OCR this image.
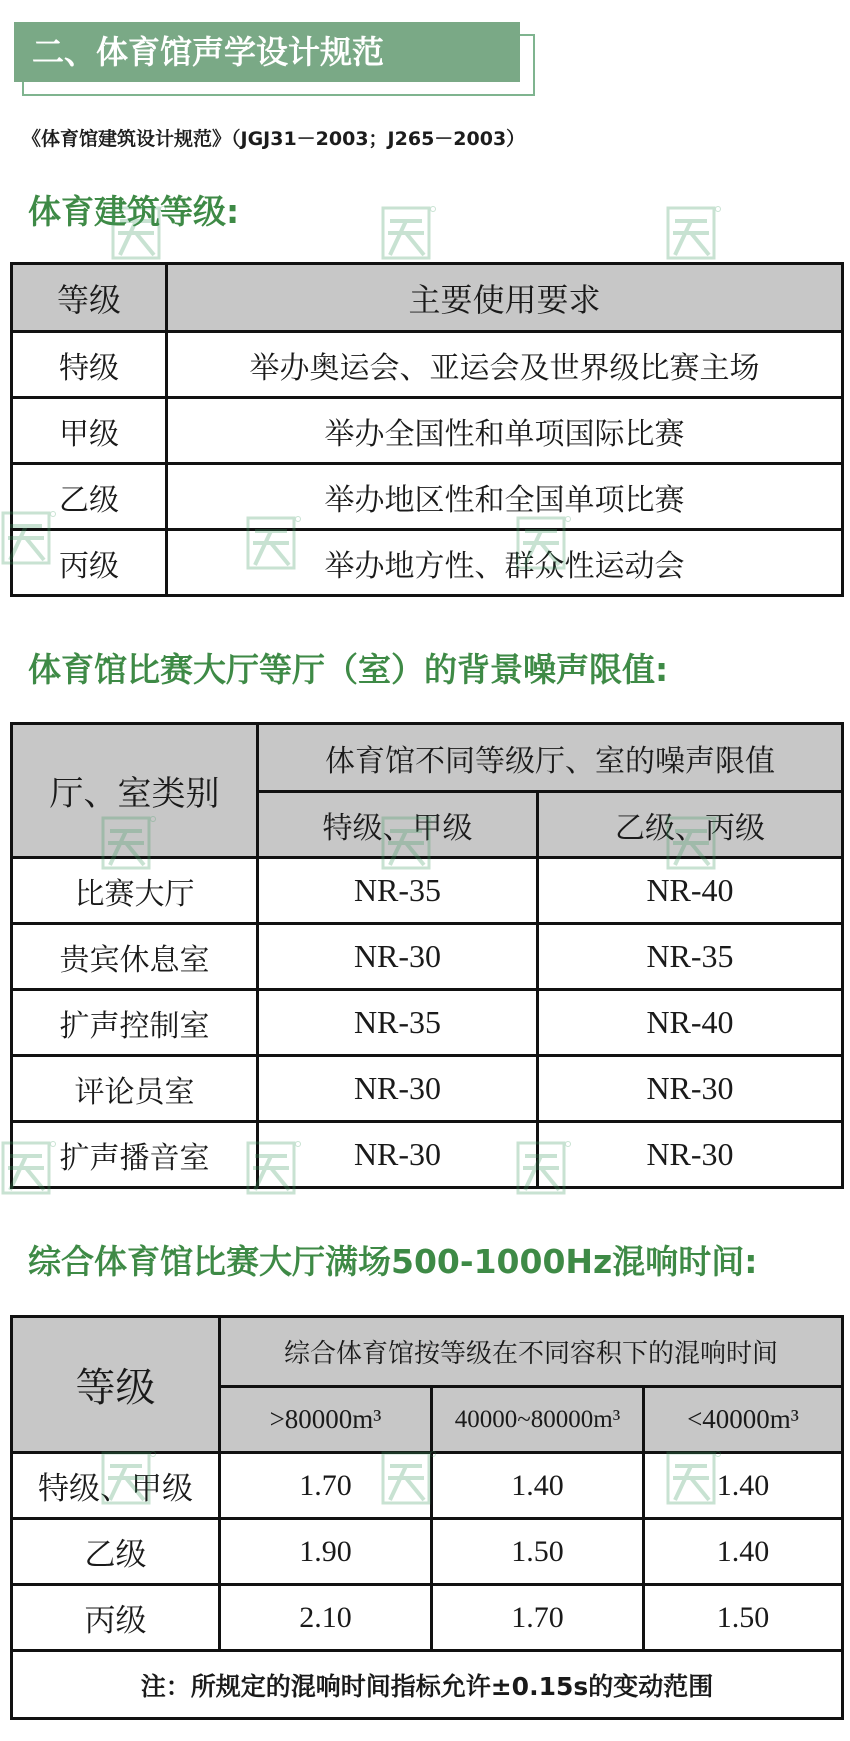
二、体育馆声学设计规范
《体育馆建筑设计规范》（JGJ31－2003；J265－2003）
体育建筑等级:
等级	主要使用要求
特级	举办奥运会、亚运会及世界级比赛主场
甲级	举办全国性和单项国际比赛
乙级	举办地区性和全国单项比赛
丙级	举办地方性、群众性运动会
体育馆比赛大厅等厅（室）的背景噪声限值:
厅、室类别	体育馆不同等级厅、室的噪声限值	
	特级、甲级	乙级、丙级
比赛大厅	NR-35	NR-40
贵宾休息室	NR-30	NR-35
扩声控制室	NR-35	NR-40
评论员室	NR-30	NR-30
扩声播音室	NR-30	NR-30
综合体育馆比赛大厅满场500-1000Hz混响时间:
等级	综合体育馆按等级在不同容积下的混响时间		
	>80000m³	40000~80000m³	<40000m³
特级、甲级	1.70	1.40	1.40
乙级	1.90	1.50	1.40
丙级	2.10	1.70	1.50
注：所规定的混响时间指标允许±0.15s的变动范围			
